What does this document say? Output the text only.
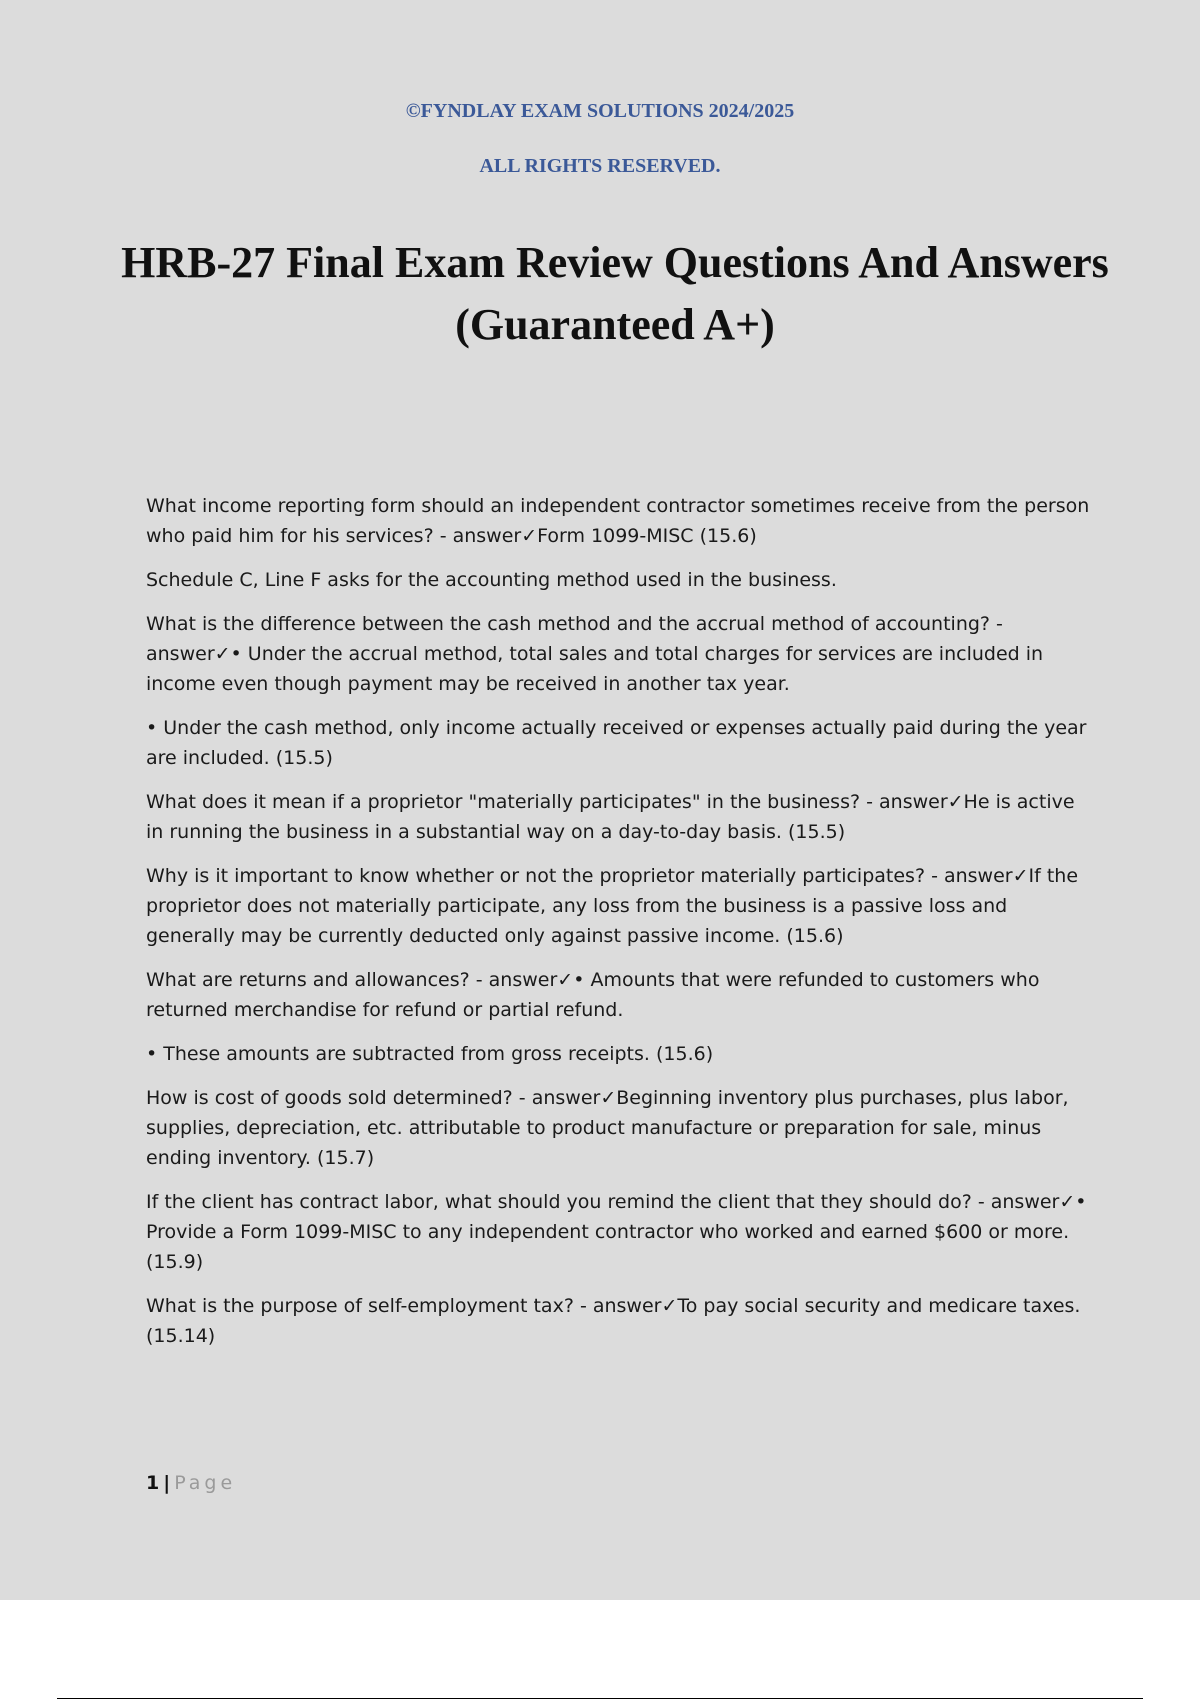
©FYNDLAY EXAM SOLUTIONS 2024/2025
ALL RIGHTS RESERVED.
HRB-27 Final Exam Review Questions And Answers (Guaranteed A+)

What income reporting form should an independent contractor sometimes receive from the person who paid him for his services? - answer✓Form 1099-MISC (15.6)

Schedule C, Line F asks for the accounting method used in the business.

What is the difference between the cash method and the accrual method of accounting? - answer✓• Under the accrual method, total sales and total charges for services are included in income even though payment may be received in another tax year.

• Under the cash method, only income actually received or expenses actually paid during the year are included. (15.5)

What does it mean if a proprietor "materially participates" in the business? - answer✓He is active in running the business in a substantial way on a day-to-day basis. (15.5)

Why is it important to know whether or not the proprietor materially participates? - answer✓If the proprietor does not materially participate, any loss from the business is a passive loss and generally may be currently deducted only against passive income. (15.6)

What are returns and allowances? - answer✓• Amounts that were refunded to customers who returned merchandise for refund or partial refund.

• These amounts are subtracted from gross receipts. (15.6)

How is cost of goods sold determined? - answer✓Beginning inventory plus purchases, plus labor, supplies, depreciation, etc. attributable to product manufacture or preparation for sale, minus ending inventory. (15.7)

If the client has contract labor, what should you remind the client that they should do? - answer✓• Provide a Form 1099-MISC to any independent contractor who worked and earned $600 or more. (15.9)

What is the purpose of self-employment tax? - answer✓To pay social security and medicare taxes. (15.14)

1 | Page
